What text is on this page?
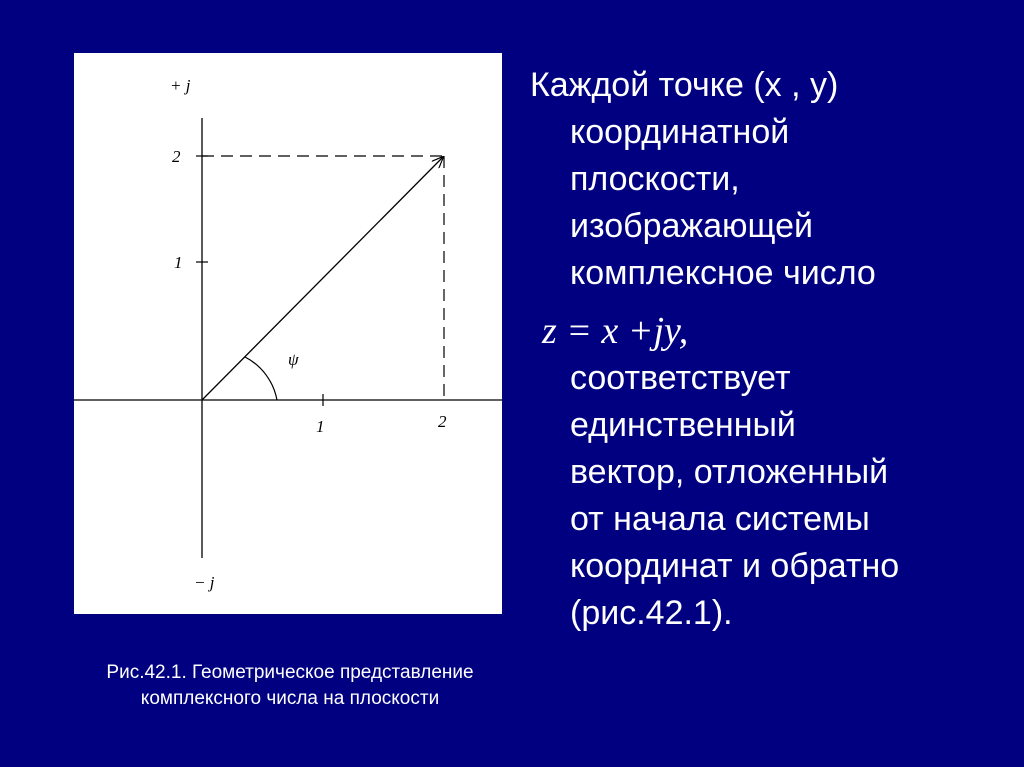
+ j
− j
2
1
1	2
ψ
Рис.42.1. Геометрическое представление
комплексного числа на плоскости

Каждой точке (x , y)

координатной

плоскости,

изображающей

комплексное число

z = x +jy,

соответствует

единственный

вектор, отложенный

от начала системы

координат и обратно

(рис.42.1).
